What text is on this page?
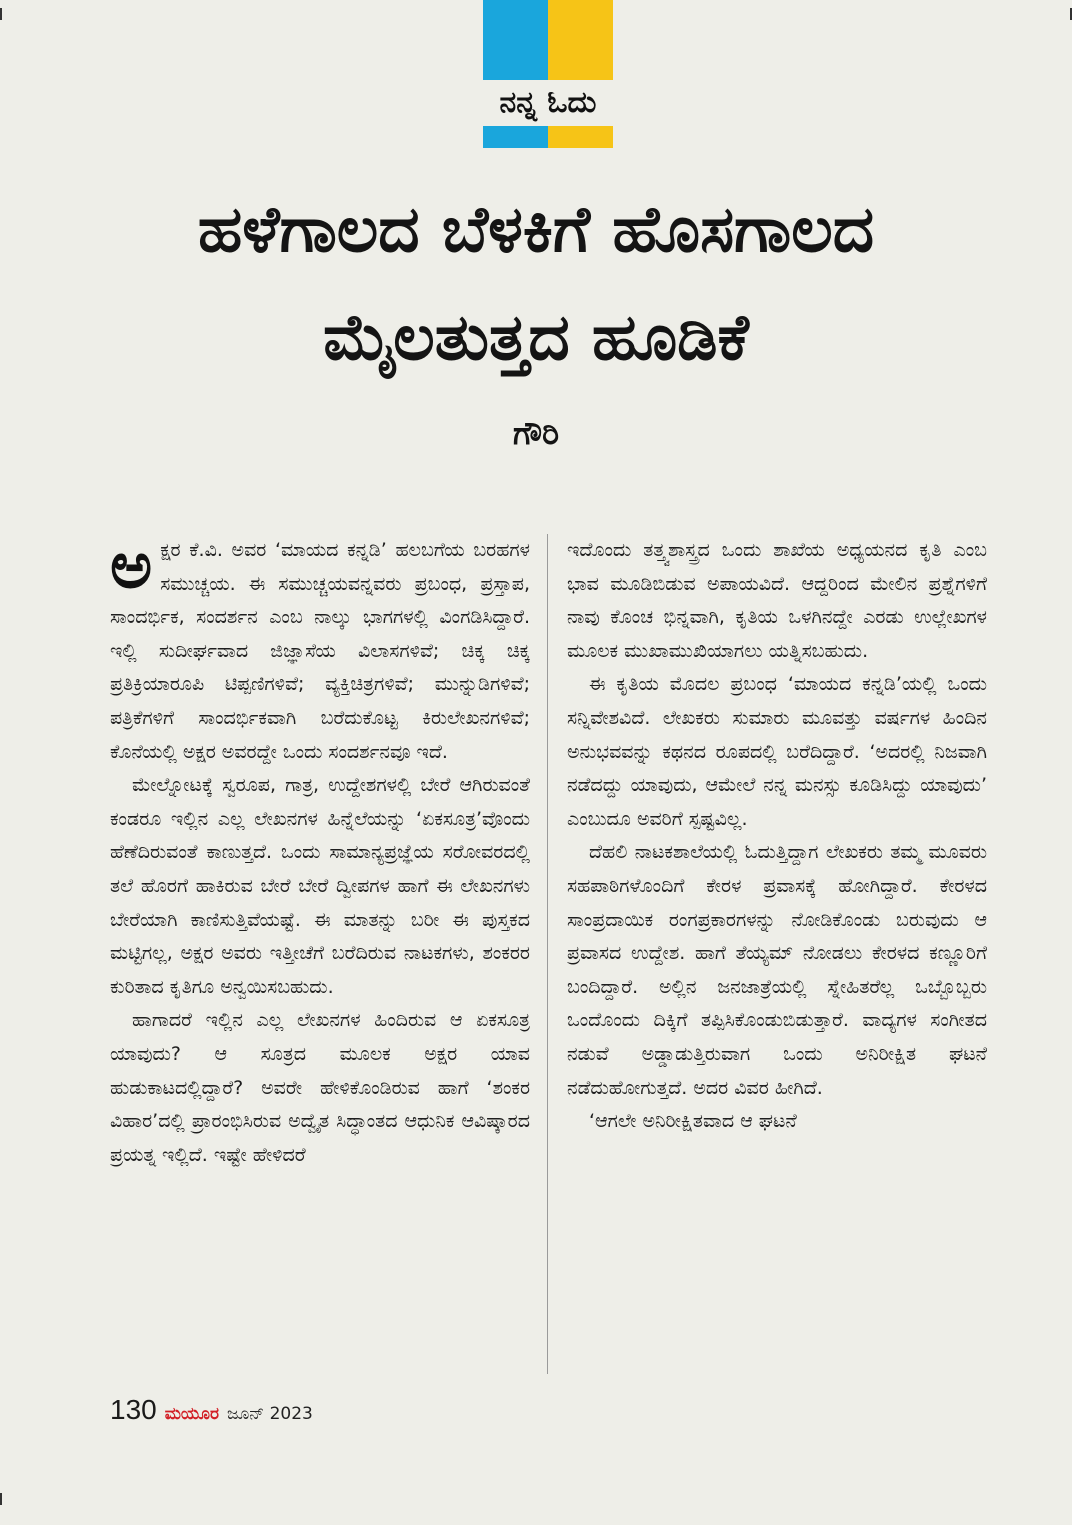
ನನ್ನ ಓದು
ಹಳೆಗಾಲದ ಬೆಳಕಿಗೆ ಹೊಸಗಾಲದ
ಮೈಲತುತ್ತದ ಹೂಡಿಕೆ
ಗೌರಿ

ಅಕ್ಷರ ಕೆ.ವಿ. ಅವರ ‘ಮಾಯದ ಕನ್ನಡಿ’ ಹಲಬಗೆಯ ಬರಹಗಳ ಸಮುಚ್ಚಯ. ಈ ಸಮುಚ್ಚಯವನ್ನವರು ಪ್ರಬಂಧ, ಪ್ರಸ್ತಾಪ, ಸಾಂದರ್ಭಿಕ, ಸಂದರ್ಶನ ಎಂಬ ನಾಲ್ಕು ಭಾಗಗಳಲ್ಲಿ ವಿಂಗಡಿಸಿದ್ದಾರೆ. ಇಲ್ಲಿ ಸುದೀರ್ಘವಾದ ಜಿಜ್ಞಾಸೆಯ ವಿಲಾಸಗಳಿವೆ; ಚಿಕ್ಕ ಚಿಕ್ಕ ಪ್ರತಿಕ್ರಿಯಾರೂಪಿ ಟಿಪ್ಪಣಿಗಳಿವೆ; ವ್ಯಕ್ತಿಚಿತ್ರಗಳಿವೆ; ಮುನ್ನುಡಿಗಳಿವೆ; ಪತ್ರಿಕೆಗಳಿಗೆ ಸಾಂದರ್ಭಿಕವಾಗಿ ಬರೆದುಕೊಟ್ಟ ಕಿರುಲೇಖನಗಳಿವೆ; ಕೊನೆಯಲ್ಲಿ ಅಕ್ಷರ ಅವರದ್ದೇ ಒಂದು ಸಂದರ್ಶನವೂ ಇದೆ.

ಮೇಲ್ನೋಟಕ್ಕೆ ಸ್ವರೂಪ, ಗಾತ್ರ, ಉದ್ದೇಶಗಳಲ್ಲಿ ಬೇರೆ ಆಗಿರುವಂತೆ ಕಂಡರೂ ಇಲ್ಲಿನ ಎಲ್ಲ ಲೇಖನಗಳ ಹಿನ್ನೆಲೆಯನ್ನು ‘ಏಕಸೂತ್ರ’ವೊಂದು ಹೆಣೆದಿರುವಂತೆ ಕಾಣುತ್ತದೆ. ಒಂದು ಸಾಮಾನ್ಯಪ್ರಜ್ಞೆಯ ಸರೋವರದಲ್ಲಿ ತಲೆ ಹೊರಗೆ ಹಾಕಿರುವ ಬೇರೆ ಬೇರೆ ದ್ವೀಪಗಳ ಹಾಗೆ ಈ ಲೇಖನಗಳು ಬೇರೆಯಾಗಿ ಕಾಣಿಸುತ್ತಿವೆಯಷ್ಟೆ. ಈ ಮಾತನ್ನು ಬರೀ ಈ ಪುಸ್ತಕದ ಮಟ್ಟಿಗಲ್ಲ, ಅಕ್ಷರ ಅವರು ಇತ್ತೀಚೆಗೆ ಬರೆದಿರುವ ನಾಟಕಗಳು, ಶಂಕರರ ಕುರಿತಾದ ಕೃತಿಗೂ ಅನ್ವಯಿಸಬಹುದು.

ಹಾಗಾದರೆ ಇಲ್ಲಿನ ಎಲ್ಲ ಲೇಖನಗಳ ಹಿಂದಿರುವ ಆ ಏಕಸೂತ್ರ ಯಾವುದು? ಆ ಸೂತ್ರದ ಮೂಲಕ ಅಕ್ಷರ ಯಾವ ಹುಡುಕಾಟದಲ್ಲಿದ್ದಾರೆ? ಅವರೇ ಹೇಳಿಕೊಂಡಿರುವ ಹಾಗೆ ‘ಶಂಕರ ವಿಹಾರ’ದಲ್ಲಿ ಪ್ರಾರಂಭಿಸಿರುವ ಅದ್ವೈತ ಸಿದ್ಧಾಂತದ ಆಧುನಿಕ ಆವಿಷ್ಕಾರದ ಪ್ರಯತ್ನ ಇಲ್ಲಿದೆ. ಇಷ್ಟೇ ಹೇಳಿದರೆ

ಇದೊಂದು ತತ್ತ್ವಶಾಸ್ತ್ರದ ಒಂದು ಶಾಖೆಯ ಅಧ್ಯಯನದ ಕೃತಿ ಎಂಬ ಭಾವ ಮೂಡಿಬಿಡುವ ಅಪಾಯವಿದೆ. ಆದ್ದರಿಂದ ಮೇಲಿನ ಪ್ರಶ್ನೆಗಳಿಗೆ ನಾವು ಕೊಂಚ ಭಿನ್ನವಾಗಿ, ಕೃತಿಯ ಒಳಗಿನದ್ದೇ ಎರಡು ಉಲ್ಲೇಖಗಳ ಮೂಲಕ ಮುಖಾಮುಖಿಯಾಗಲು ಯತ್ನಿಸಬಹುದು.

ಈ ಕೃತಿಯ ಮೊದಲ ಪ್ರಬಂಧ ‘ಮಾಯದ ಕನ್ನಡಿ’ಯಲ್ಲಿ ಒಂದು ಸನ್ನಿವೇಶವಿದೆ. ಲೇಖಕರು ಸುಮಾರು ಮೂವತ್ತು ವರ್ಷಗಳ ಹಿಂದಿನ ಅನುಭವವನ್ನು ಕಥನದ ರೂಪದಲ್ಲಿ ಬರೆದಿದ್ದಾರೆ. ‘ಅದರಲ್ಲಿ ನಿಜವಾಗಿ ನಡೆದದ್ದು ಯಾವುದು, ಆಮೇಲೆ ನನ್ನ ಮನಸ್ಸು ಕೂಡಿಸಿದ್ದು ಯಾವುದು’ ಎಂಬುದೂ ಅವರಿಗೆ ಸ್ಪಷ್ಟವಿಲ್ಲ.

ದೆಹಲಿ ನಾಟಕಶಾಲೆಯಲ್ಲಿ ಓದುತ್ತಿದ್ದಾಗ ಲೇಖಕರು ತಮ್ಮ ಮೂವರು ಸಹಪಾಠಿಗಳೊಂದಿಗೆ ಕೇರಳ ಪ್ರವಾಸಕ್ಕೆ ಹೋಗಿದ್ದಾರೆ. ಕೇರಳದ ಸಾಂಪ್ರದಾಯಿಕ ರಂಗಪ್ರಕಾರಗಳನ್ನು ನೋಡಿಕೊಂಡು ಬರುವುದು ಆ ಪ್ರವಾಸದ ಉದ್ದೇಶ. ಹಾಗೆ ತೆಯ್ಯಮ್ ನೋಡಲು ಕೇರಳದ ಕಣ್ಣೂರಿಗೆ ಬಂದಿದ್ದಾರೆ. ಅಲ್ಲಿನ ಜನಜಾತ್ರೆಯಲ್ಲಿ ಸ್ನೇಹಿತರೆಲ್ಲ ಒಬ್ಬೊಬ್ಬರು ಒಂದೊಂದು ದಿಕ್ಕಿಗೆ ತಪ್ಪಿಸಿಕೊಂಡುಬಿಡುತ್ತಾರೆ. ವಾದ್ಯಗಳ ಸಂಗೀತದ ನಡುವೆ ಅಡ್ಡಾಡುತ್ತಿರುವಾಗ ಒಂದು ಅನಿರೀಕ್ಷಿತ ಘಟನೆ ನಡೆದುಹೋಗುತ್ತದೆ. ಅದರ ವಿವರ ಹೀಗಿದೆ.

‘ಆಗಲೇ ಅನಿರೀಕ್ಷಿತವಾದ ಆ ಘಟನೆ

130 ಮಯೂರ ಜೂನ್ 2023
